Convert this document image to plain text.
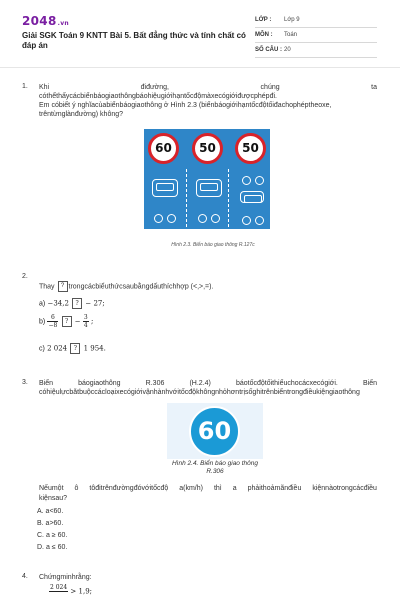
2048.vn
Giải SGK Toán 9 KNTT Bài 5. Bất đẳng thức và tính chất có đáp án
LỚP : Lớp 9
MÔN : Toán
SỐ CÂU : 20
1. Khi	điđường,	chúng	ta
cóthểthấycácbiểnbáogiaothôngbáohiệugiớihạntốcđộmàxecógiớiđượcphépđi.
Em cóbiết ý nghĩacủabiểnbáogiaothông ở Hình 2.3 (biểnbáogiớihạntốcđộtốiđachophépthеoxe,
trêntừnglànđường) không?
60	50	50
Hình 2.3. Biển báo giao thông R.127c
2.
Thay ? trongcácbiểuthứcsaubằngdấuthíchhợp (<,>,=).
a) −34,2 ? − 27;
$b) \frac{6}{-8}$ ? − $\frac{3}{4}$ ;
c) 2 024 ? 1 954.
3. Biển	báogiaothông	R.306	(H.2.4)	báotốcđộtốithiểuchocácxecógiới.	Biển
cóhiệulựcbắtbuộccácloạixecógiớivậnhànhvớitốcđộkhôngnhỏhơntrịsốghitrênbiểntrongđiềukiệngiaothông
60
Hình 2.4. Biển báo giao thông
R.306
Nếumột ô tôđitrênđườngđóvớitốcđộ a(km/h) thì a phảithoảmãnđiều kiệnnàotrongcácđiều
kiệnsau?
A. a<60.
B. a>60.
C. a ≥ 60.
D. a ≤ 60.
4. Chứngminhrằng:
2 024
> 1,9;
